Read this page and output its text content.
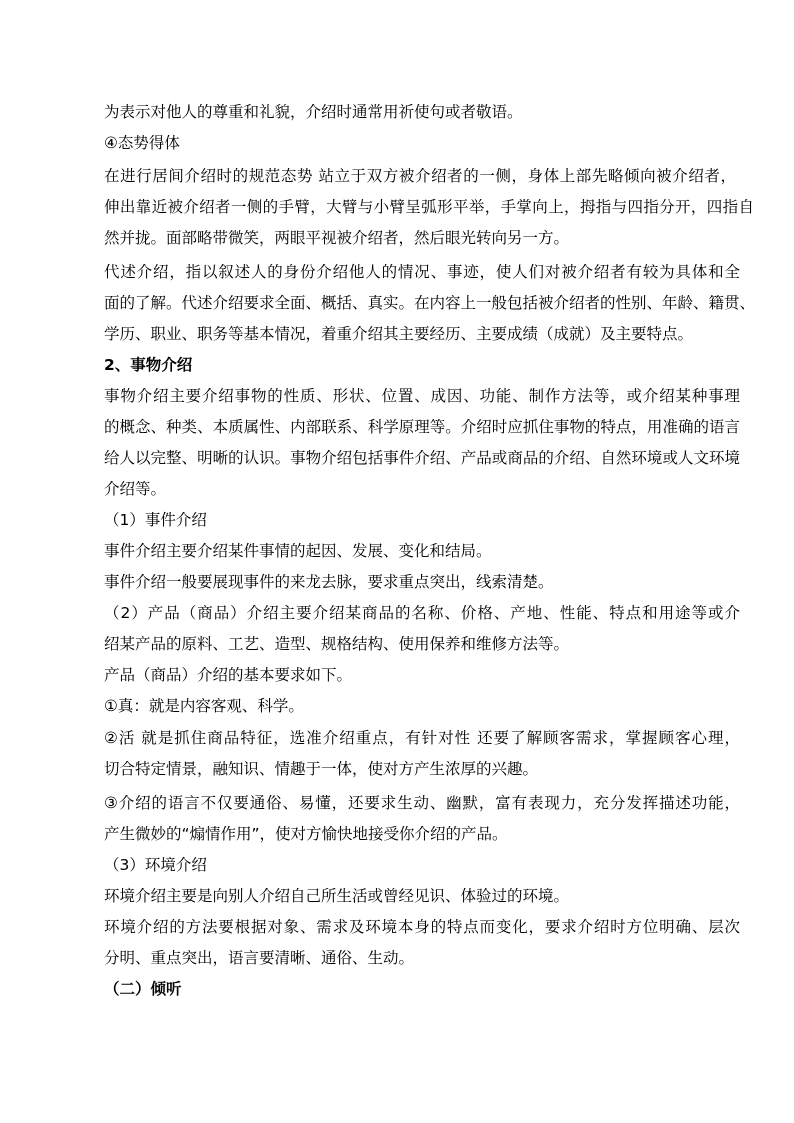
为表示对他人的尊重和礼貌，介绍时通常用祈使句或者敬语。
④态势得体
在进行居间介绍时的规范态势 站立于双方被介绍者的一侧，身体上部先略倾向被介绍者，
伸出靠近被介绍者一侧的手臂，大臂与小臂呈弧形平举，手掌向上，拇指与四指分开，四指自
然并拢。面部略带微笑，两眼平视被介绍者，然后眼光转向另一方。
代述介绍，指以叙述人的身份介绍他人的情况、事迹，使人们对被介绍者有较为具体和全
面的了解。代述介绍要求全面、概括、真实。在内容上一般包括被介绍者的性别、年龄、籍贯、
学历、职业、职务等基本情况，着重介绍其主要经历、主要成绩（成就）及主要特点。
2、事物介绍
事物介绍主要介绍事物的性质、形状、位置、成因、功能、制作方法等，或介绍某种事理
的概念、种类、本质属性、内部联系、科学原理等。介绍时应抓住事物的特点，用准确的语言
给人以完整、明晰的认识。事物介绍包括事件介绍、产品或商品的介绍、自然环境或人文环境
介绍等。
（1）事件介绍
事件介绍主要介绍某件事情的起因、发展、变化和结局。
事件介绍一般要展现事件的来龙去脉，要求重点突出，线索清楚。
（2）产品（商品）介绍主要介绍某商品的名称、价格、产地、性能、特点和用途等或介
绍某产品的原料、工艺、造型、规格结构、使用保养和维修方法等。
产品（商品）介绍的基本要求如下。
①真：就是内容客观、科学。
②活 就是抓住商品特征，选准介绍重点，有针对性 还要了解顾客需求，掌握顾客心理，
切合特定情景，融知识、情趣于一体，使对方产生浓厚的兴趣。
③介绍的语言不仅要通俗、易懂，还要求生动、幽默，富有表现力，充分发挥描述功能，
产生微妙的“煽情作用”，使对方愉快地接受你介绍的产品。
（3）环境介绍
环境介绍主要是向别人介绍自己所生活或曾经见识、体验过的环境。
环境介绍的方法要根据对象、需求及环境本身的特点而变化，要求介绍时方位明确、层次
分明、重点突出，语言要清晰、通俗、生动。
（二）倾听
